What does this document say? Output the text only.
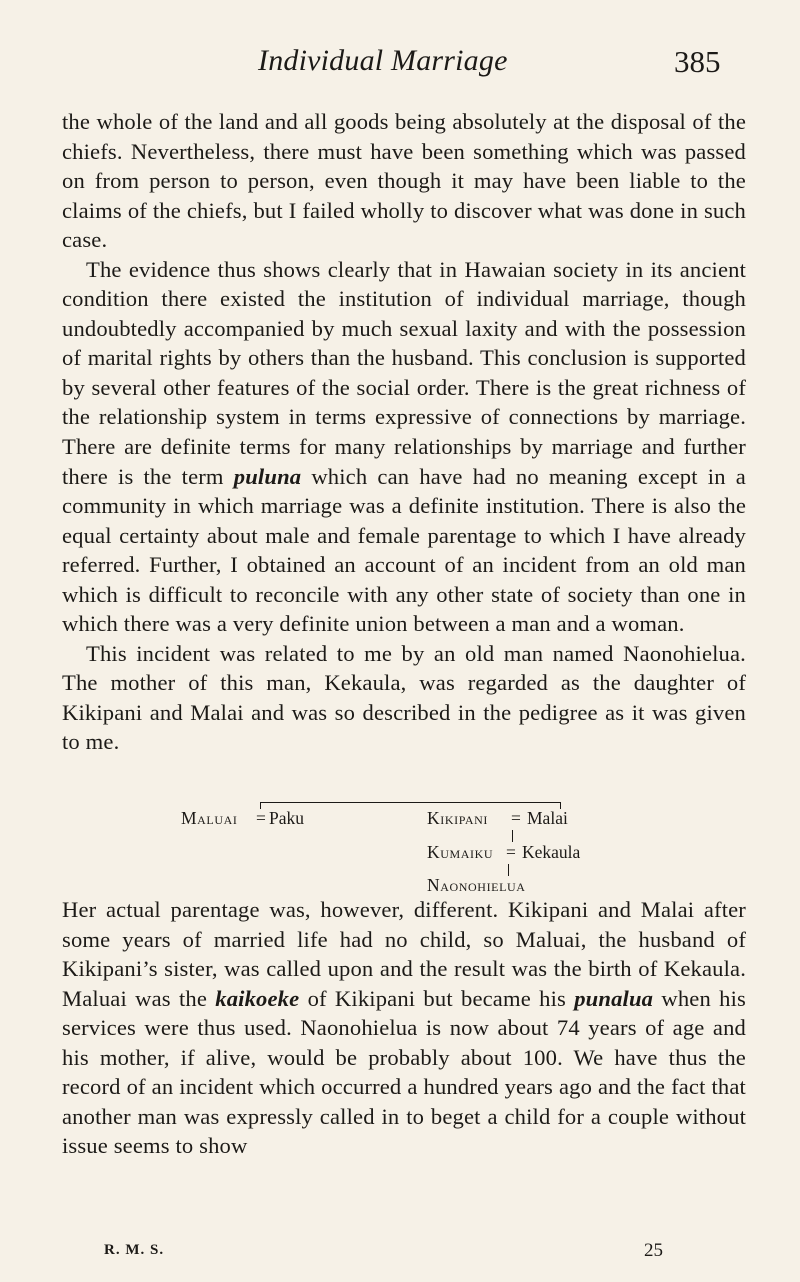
Individual Marriage	385

the whole of the land and all goods being absolutely at the disposal of the chiefs. Nevertheless, there must have been something which was passed on from person to person, even though it may have been liable to the claims of the chiefs, but I failed wholly to discover what was done in such case.

The evidence thus shows clearly that in Hawaian society in its ancient condition there existed the institution of individual marriage, though undoubtedly accompanied by much sexual laxity and with the possession of marital rights by others than the husband. This conclusion is supported by several other features of the social order. There is the great richness of the relationship system in terms expressive of connections by marriage. There are definite terms for many relationships by marriage and further there is the term puluna which can have had no meaning except in a community in which marriage was a definite institution. There is also the equal certainty about male and female parentage to which I have already referred. Further, I obtained an account of an incident from an old man which is difficult to reconcile with any other state of society than one in which there was a very definite union between a man and a woman.

This incident was related to me by an old man named Naonohielua. The mother of this man, Kekaula, was regarded as the daughter of Kikipani and Malai and was so described in the pedigree as it was given to me.

Maluai = Paku	Kikipani = Malai
Kumaiku = Kekaula
Naonohielua

Her actual parentage was, however, different. Kikipani and Malai after some years of married life had no child, so Maluai, the husband of Kikipani’s sister, was called upon and the result was the birth of Kekaula. Maluai was the kaikoeke of Kikipani but became his punalua when his services were thus used. Naonohielua is now about 74 years of age and his mother, if alive, would be probably about 100. We have thus the record of an incident which occurred a hundred years ago and the fact that another man was expressly called in to beget a child for a couple without issue seems to show

R. M. S.	25
